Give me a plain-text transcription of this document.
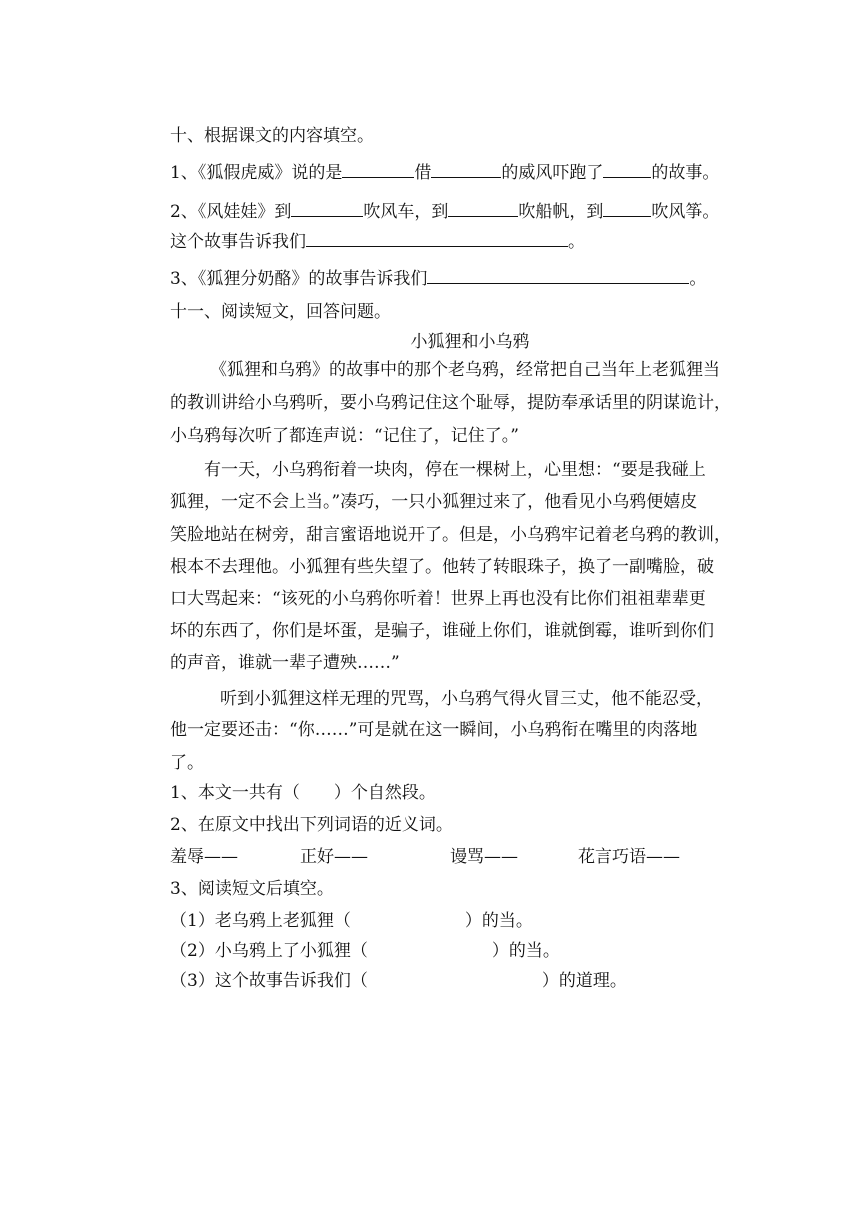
十、根据课文的内容填空。
1、《狐假虎威》说的是	借	的威风吓跑了	的故事。
2、《风娃娃》到	吹风车，到	吹船帆，到	吹风筝。
这个故事告诉我们	。
3、《狐狸分奶酪》的故事告诉我们	。
十一、阅读短文，回答问题。
小狐狸和小乌鸦
《狐狸和乌鸦》的故事中的那个老乌鸦，经常把自己当年上老狐狸当
的教训讲给小乌鸦听，要小乌鸦记住这个耻辱，提防奉承话里的阴谋诡计，
小乌鸦每次听了都连声说：“记住了，记住了。”
有一天，小乌鸦衔着一块肉，停在一棵树上，心里想：“要是我碰上
狐狸，一定不会上当。”凑巧，一只小狐狸过来了，他看见小乌鸦便嬉皮
笑脸地站在树旁，甜言蜜语地说开了。但是，小乌鸦牢记着老乌鸦的教训，
根本不去理他。小狐狸有些失望了。他转了转眼珠子，换了一副嘴脸，破
口大骂起来：“该死的小乌鸦你听着！世界上再也没有比你们祖祖辈辈更
坏的东西了，你们是坏蛋，是骗子，谁碰上你们，谁就倒霉，谁听到你们
的声音，谁就一辈子遭殃……”
听到小狐狸这样无理的咒骂，小乌鸦气得火冒三丈，他不能忍受，
他一定要还击：“你……”可是就在这一瞬间，小乌鸦衔在嘴里的肉落地
了。
1、本文一共有（　　）个自然段。
2、在原文中找出下列词语的近义词。
羞辱——	正好——	谩骂——	花言巧语——
3、阅读短文后填空。
（1）老乌鸦上老狐狸（	）的当。
（2）小乌鸦上了小狐狸（	）的当。
（3）这个故事告诉我们（	）的道理。
